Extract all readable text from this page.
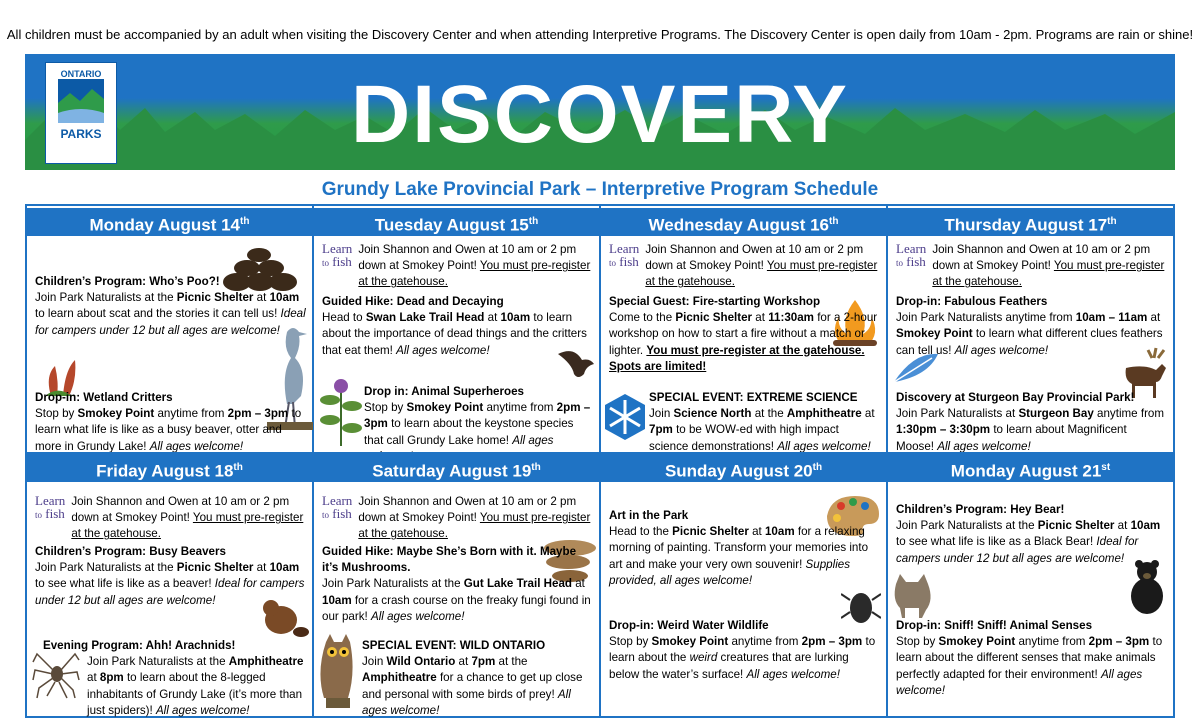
All children must be accompanied by an adult when visiting the Discovery Center and when attending Interpretive Programs. The Discovery Center is open daily from 10am - 2pm. Programs are rain or shine!
ONTARIO
PARKS	DISCOVERY
Grundy Lake Provincial Park – Interpretive Program Schedule
Monday August 14th
Children’s Program: Who’s Poo?!
Join Park Naturalists at the Picnic Shelter at 10am to learn about scat and the stories it can tell us! Ideal for campers under 12 but all ages are welcome!
Drop-in: Wetland Critters
Stop by Smokey Point anytime from 2pm – 3pm to learn what life is like as a busy beaver, otter and more in Grundy Lake! All ages welcome!
Tuesday August 15th
Learn
to fish
Join Shannon and Owen at 10 am or 2 pm down at Smokey Point! You must pre-register at the gatehouse.
Guided Hike: Dead and Decaying
Head to Swan Lake Trail Head at 10am to learn about the importance of dead things and the critters that eat them! All ages welcome!
Drop in: Animal Superheroes
Stop by Smokey Point anytime from 2pm – 3pm to learn about the keystone species that call Grundy Lake home! All ages
Wednesday August 16th
Learn
to fish
Join Shannon and Owen at 10 am or 2 pm down at Smokey Point! You must pre-register at the gatehouse.
Special Guest: Fire-starting Workshop
Come to the Picnic Shelter at 11:30am for a 2-hour workshop on how to start a fire without a match or lighter. You must pre-register at the gatehouse. Spots are limited!
SPECIAL EVENT: EXTREME SCIENCE
Join Science North at the Amphitheatre at 7pm to be WOW-ed with high impact science demonstrations! All ages welcome!
Thursday August 17th
Learn
to fish
Join Shannon and Owen at 10 am or 2 pm down at Smokey Point! You must pre-register at the gatehouse.
Drop-in: Fabulous Feathers
Join Park Naturalists anytime from 10am – 11am at Smokey Point to learn what different clues feathers can tell us! All ages welcome!
Discovery at Sturgeon Bay Provincial Park!
Join Park Naturalists at Sturgeon Bay anytime from 1:30pm – 3:30pm to learn about Magnificent Moose! All ages welcome!
Friday August 18th
Learn
to fish
Join Shannon and Owen at 10 am or 2 pm down at Smokey Point! You must pre-register at the gatehouse.
Children’s Program: Busy Beavers
Join Park Naturalists at the Picnic Shelter at 10am to see what life is like as a beaver! Ideal for campers under 12 but all ages are welcome!
Evening Program: Ahh! Arachnids!
Join Park Naturalists at the Amphitheatre at 8pm to learn about the 8-legged inhabitants of Grundy Lake (it’s more than just spiders)! All ages welcome!
Saturday August 19th
Learn
to fish
Join Shannon and Owen at 10 am or 2 pm down at Smokey Point! You must pre-register at the gatehouse.
Guided Hike: Maybe She’s Born with it. Maybe it’s Mushrooms.
Join Park Naturalists at the Gut Lake Trail Head at 10am for a crash course on the freaky fungi found in our park! All ages welcome!
SPECIAL EVENT: WILD ONTARIO
Join Wild Ontario at 7pm at the Amphitheatre for a chance to get up close and personal with some birds of prey! All ages welcome!
Sunday August 20th
Art in the Park
Head to the Picnic Shelter at 10am for a relaxing morning of painting. Transform your memories into art and make your very own souvenir! Supplies provided, all ages welcome!
Drop-in: Weird Water Wildlife
Stop by Smokey Point anytime from 2pm – 3pm to learn about the weird creatures that are lurking below the water’s surface! All ages welcome!
Monday August 21st
Children’s Program: Hey Bear!
Join Park Naturalists at the Picnic Shelter at 10am to see what life is like as a Black Bear! Ideal for campers under 12 but all ages are welcome!
Drop-in: Sniff! Sniff! Animal Senses
Stop by Smokey Point anytime from 2pm – 3pm to learn about the different senses that make animals perfectly adapted for their environment! All ages welcome!
